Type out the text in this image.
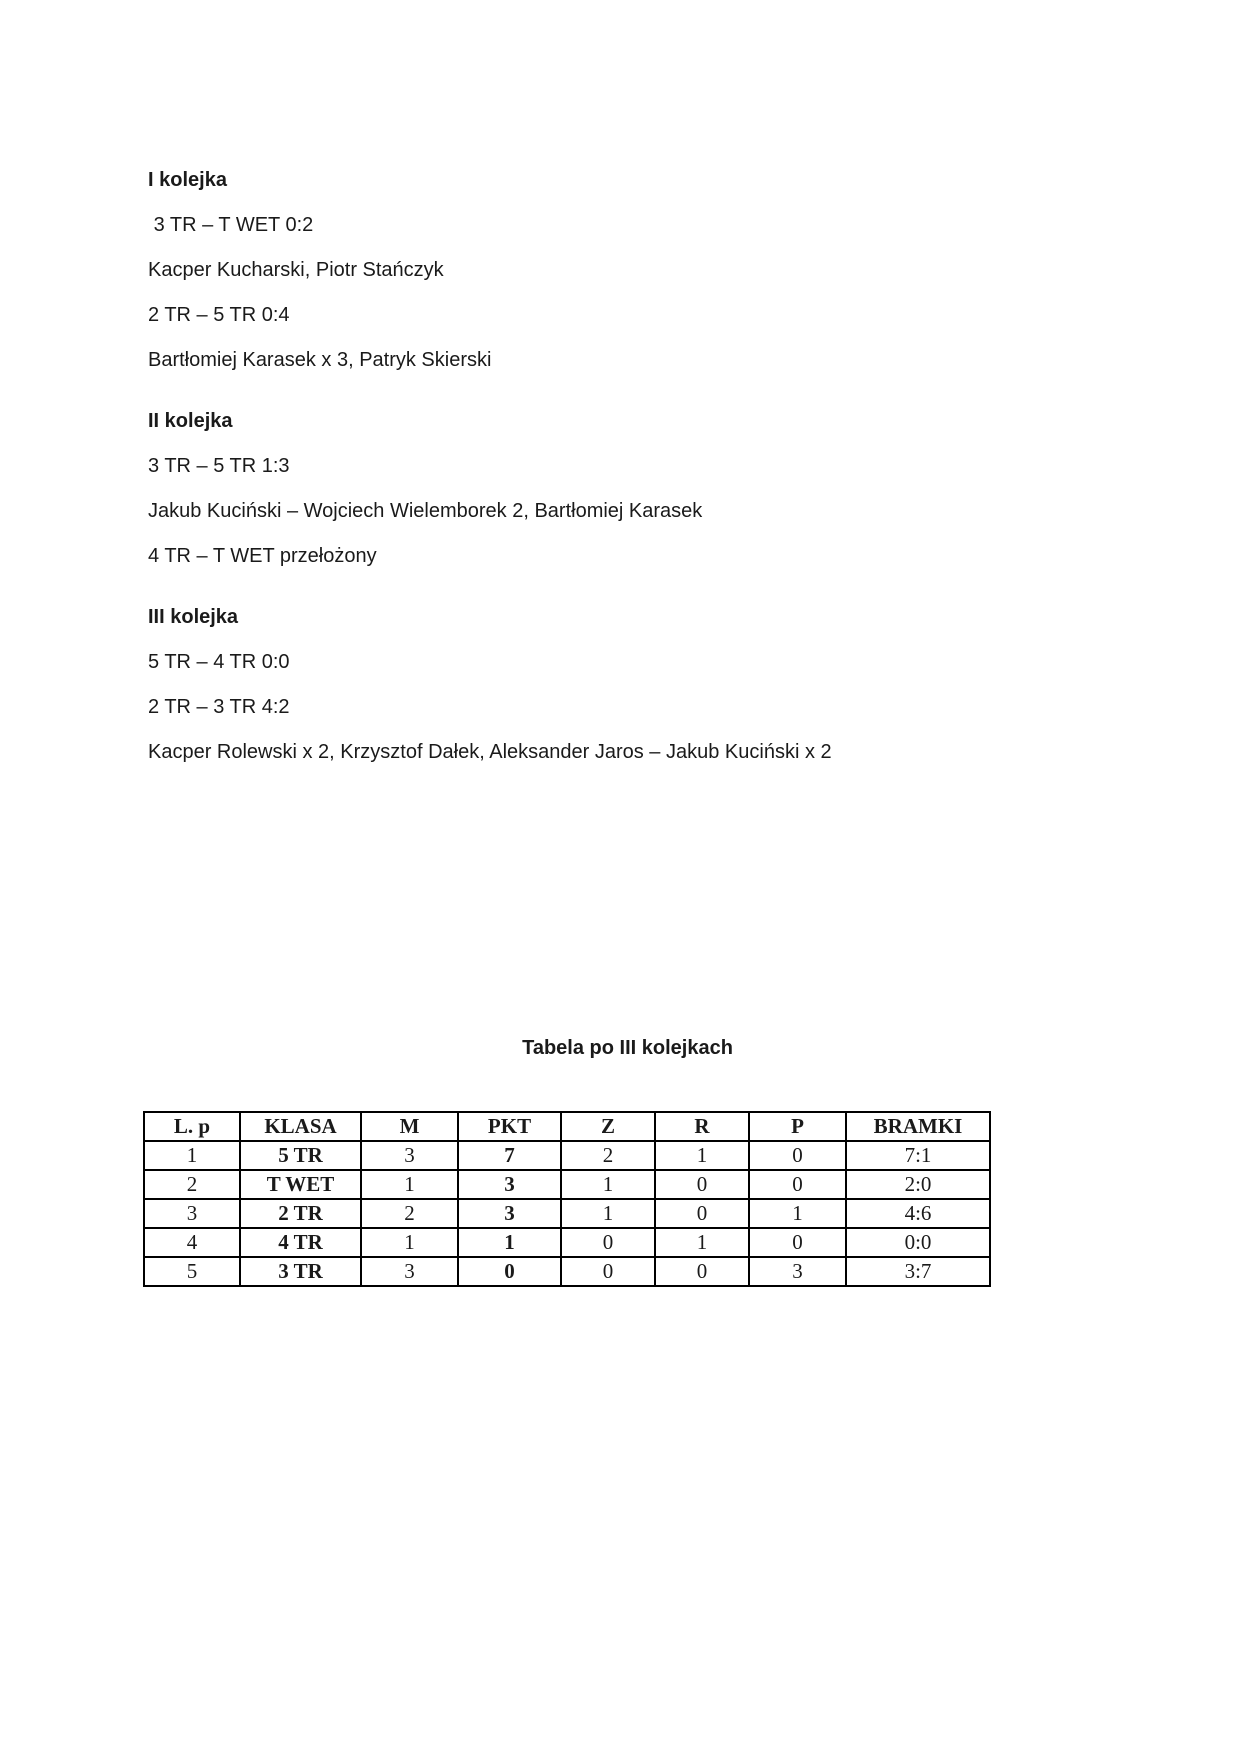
I kolejka

3 TR – T WET 0:2

Kacper Kucharski, Piotr Stańczyk

2 TR – 5 TR 0:4

Bartłomiej Karasek x 3, Patryk Skierski

II kolejka

3 TR – 5 TR 1:3

Jakub Kuciński – Wojciech Wielemborek 2, Bartłomiej Karasek

4 TR – T WET przełożony

III kolejka

5 TR – 4 TR 0:0

2 TR – 3 TR 4:2

Kacper Rolewski x 2, Krzysztof Dałek, Aleksander Jaros – Jakub Kuciński x 2

Tabela po III kolejkach

L. p	KLASA	M	PKT	Z	R	P	BRAMKI
1	5 TR	3	7	2	1	0	7:1
2	T WET	1	3	1	0	0	2:0
3	2 TR	2	3	1	0	1	4:6
4	4 TR	1	1	0	1	0	0:0
5	3 TR	3	0	0	0	3	3:7
